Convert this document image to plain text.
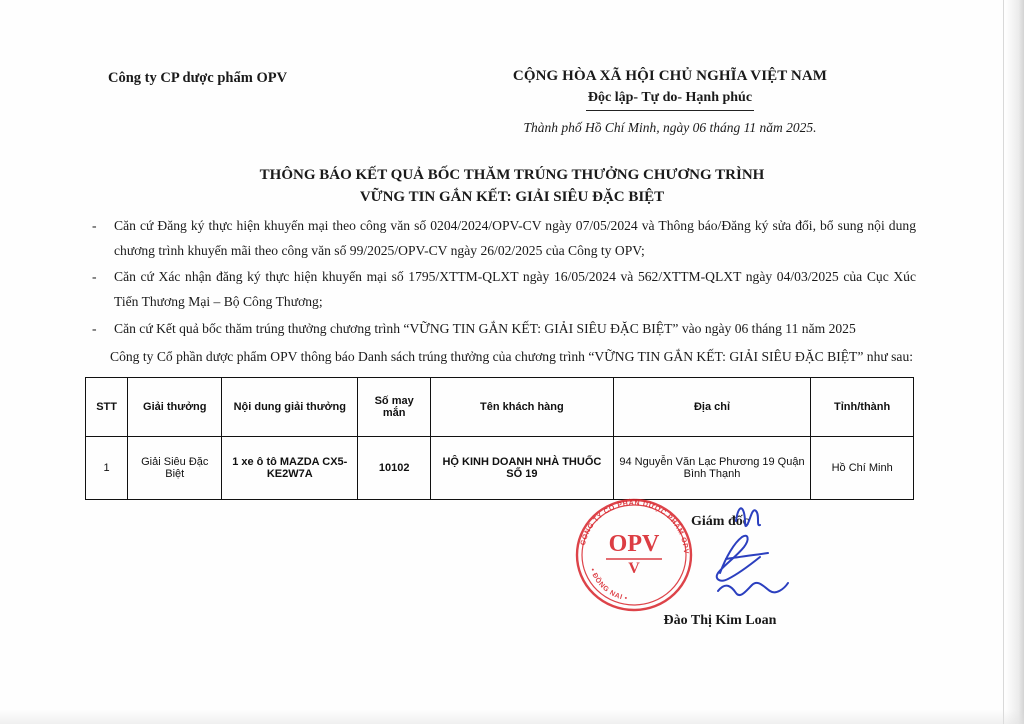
Công ty CP dược phẩm OPV	CỘNG HÒA XÃ HỘI CHỦ NGHĨA VIỆT NAM
Độc lập- Tự do- Hạnh phúc
Thành phố Hồ Chí Minh, ngày 06 tháng 11 năm 2025.
THÔNG BÁO KẾT QUẢ BỐC THĂM TRÚNG THƯỞNG CHƯƠNG TRÌNH
VỮNG TIN GẮN KẾT: GIẢI SIÊU ĐẶC BIỆT
-	Căn cứ Đăng ký thực hiện khuyến mại theo công văn số 0204/2024/OPV-CV ngày 07/05/2024 và Thông báo/Đăng ký sửa đổi, bổ sung nội dung chương trình khuyến mãi theo công văn số 99/2025/OPV-CV ngày 26/02/2025 của Công ty OPV;
-	Căn cứ Xác nhận đăng ký thực hiện khuyến mại số 1795/XTTM-QLXT ngày 16/05/2024 và 562/XTTM-QLXT ngày 04/03/2025 của Cục Xúc Tiến Thương Mại – Bộ Công Thương;
-	Căn cứ Kết quả bốc thăm trúng thưởng chương trình “VỮNG TIN GẮN KẾT: GIẢI SIÊU ĐẶC BIỆT” vào ngày 06 tháng 11 năm 2025
Công ty Cổ phần dược phẩm OPV thông báo Danh sách trúng thưởng của chương trình “VỮNG TIN GẮN KẾT: GIẢI SIÊU ĐẶC BIỆT” như sau:
STT	Giải thưởng	Nội dung giải thưởng	Số may mắn	Tên khách hàng	Địa chỉ	Tỉnh/thành
1	Giải Siêu Đặc Biệt	1 xe ô tô MAZDA CX5-KE2W7A	10102	HỘ KINH DOANH NHÀ THUỐC SỐ 19	94 Nguyễn Văn Lạc Phương 19 Quận Bình Thạnh	Hồ Chí Minh
Giám đốc
CÔNG TY CỔ PHẦN DƯỢC PHẨM OPV
• ĐỒNG NAI •
OPV
V
Đào Thị Kim Loan
